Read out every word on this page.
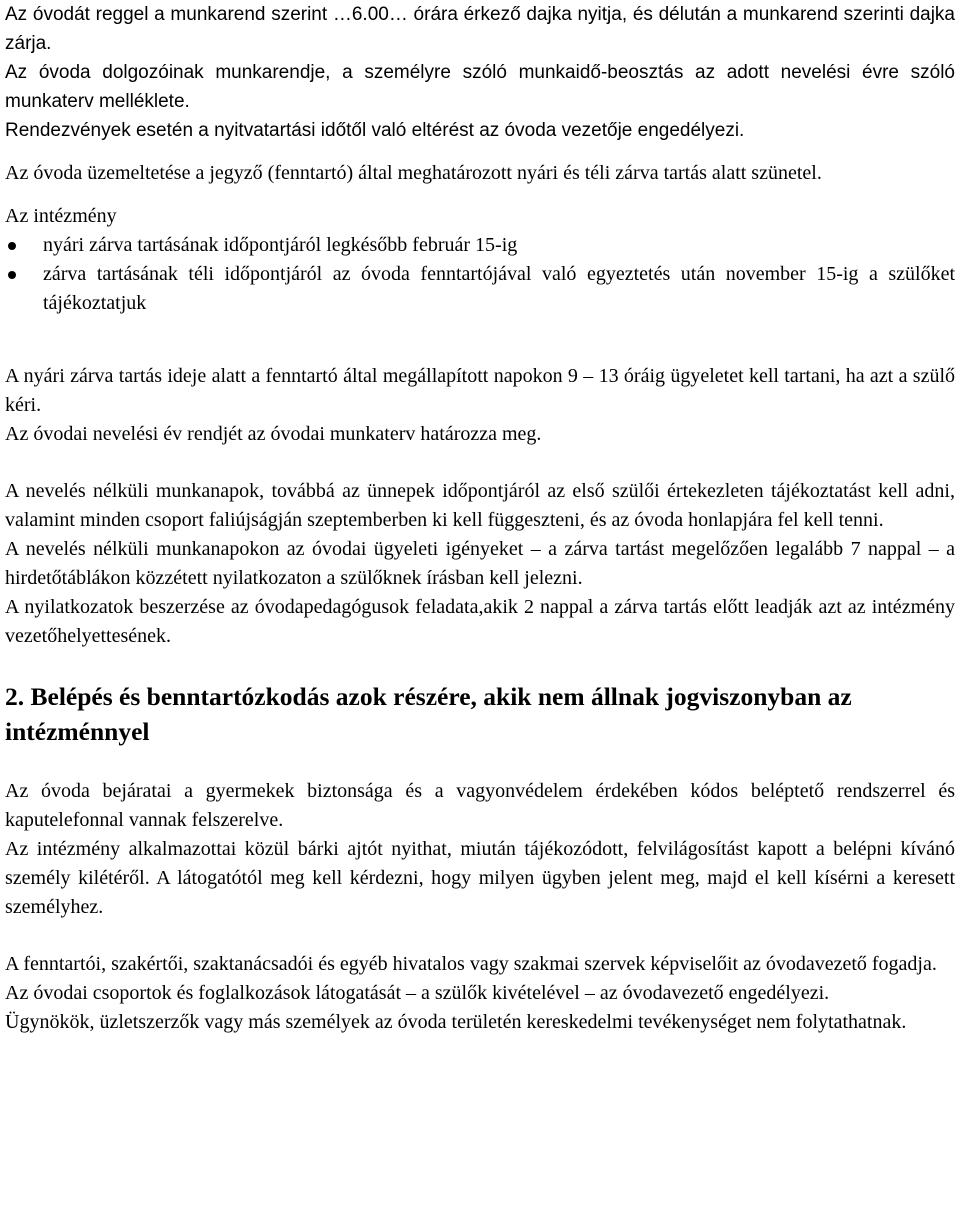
Az óvodát reggel a munkarend szerint …6.00… órára érkező dajka nyitja, és délután a munkarend szerinti dajka zárja.

Az óvoda dolgozóinak munkarendje, a személyre szóló munkaidő-beosztás az adott nevelési évre szóló munkaterv melléklete.

Rendezvények esetén a nyitvatartási időtől való eltérést az óvoda vezetője engedélyezi.

Az óvoda üzemeltetése a jegyző (fenntartó) által meghatározott nyári és téli zárva tartás alatt szünetel.

Az intézmény

nyári zárva tartásának időpontjáról legkésőbb február 15-ig
zárva tartásának téli időpontjáról az óvoda fenntartójával való egyeztetés után november 15-ig a szülőket tájékoztatjuk

A nyári zárva tartás ideje alatt a fenntartó által megállapított napokon 9 – 13 óráig ügyeletet kell tartani, ha azt a szülő kéri.

Az óvodai nevelési év rendjét az óvodai munkaterv határozza meg.

A nevelés nélküli munkanapok, továbbá az ünnepek időpontjáról az első szülői értekezleten tájékoztatást kell adni, valamint minden csoport faliújságján szeptemberben ki kell függeszteni, és az óvoda honlapjára fel kell tenni.

A nevelés nélküli munkanapokon az óvodai ügyeleti igényeket – a zárva tartást megelőzően legalább 7 nappal – a hirdetőtáblákon közzétett nyilatkozaton a szülőknek írásban kell jelezni.

A nyilatkozatok beszerzése az óvodapedagógusok feladata,akik 2 nappal a zárva tartás előtt leadják azt az intézmény vezetőhelyettesének.

2. Belépés és benntartózkodás azok részére, akik nem állnak jogviszonyban az intézménnyel

Az óvoda bejáratai a gyermekek biztonsága és a vagyonvédelem érdekében kódos beléptető rendszerrel és kaputelefonnal vannak felszerelve.

Az intézmény alkalmazottai közül bárki ajtót nyithat, miután tájékozódott, felvilágosítást kapott a belépni kívánó személy kilétéről. A látogatótól meg kell kérdezni, hogy milyen ügyben jelent meg, majd el kell kísérni a keresett személyhez.

A fenntartói, szakértői, szaktanácsadói és egyéb hivatalos vagy szakmai szervek képviselőit az óvodavezető fogadja.

Az óvodai csoportok és foglalkozások látogatását – a szülők kivételével – az óvodavezető engedélyezi.

Ügynökök, üzletszerzők vagy más személyek az óvoda területén kereskedelmi tevékenységet nem folytathatnak.
